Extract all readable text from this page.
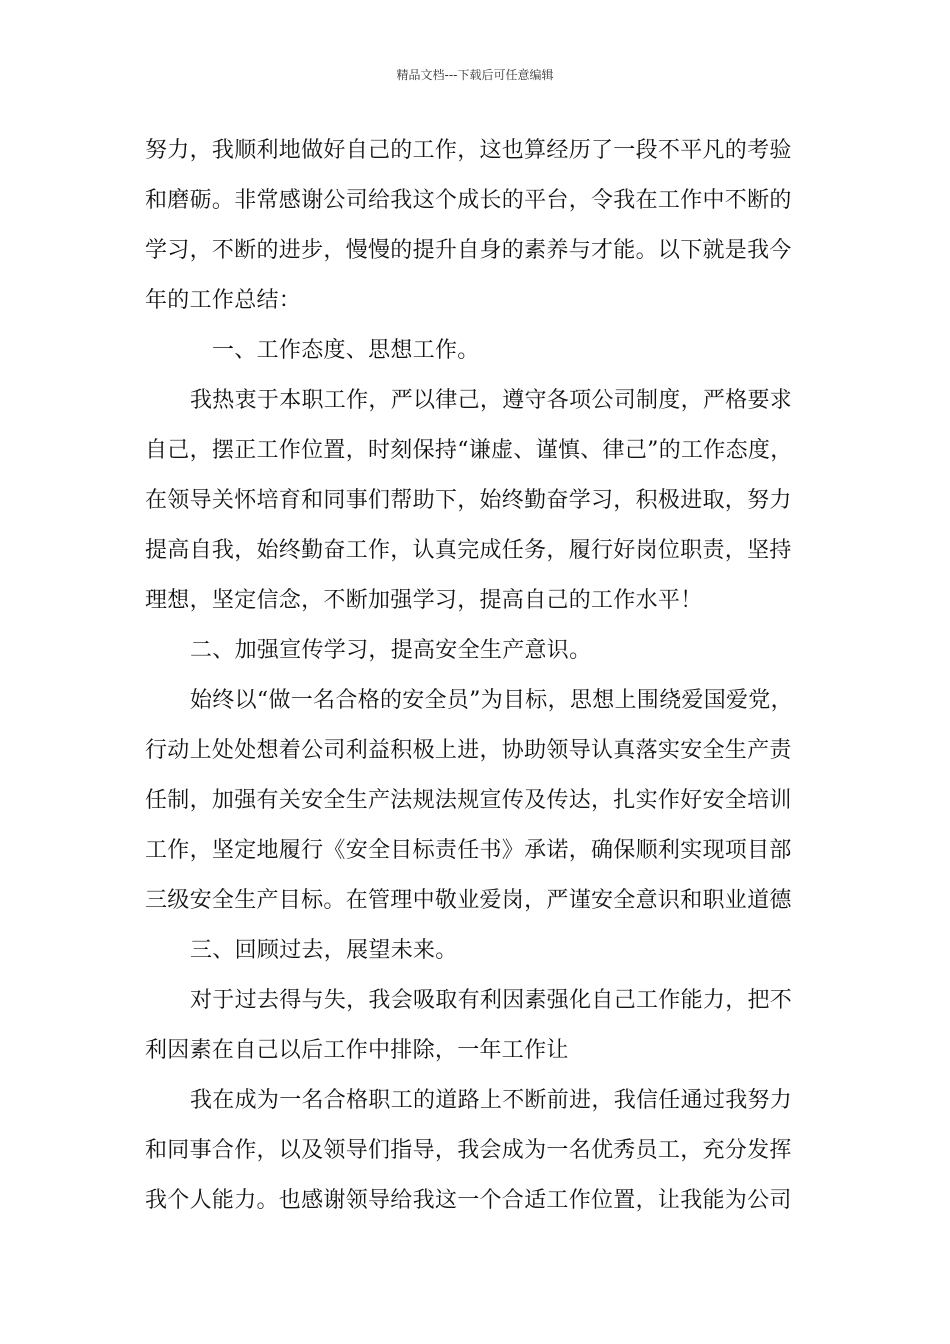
精品文档---下载后可任意编辑
努力，我顺利地做好自己的工作，这也算经历了一段不平凡的考验
和磨砺。非常感谢公司给我这个成长的平台，令我在工作中不断的
学习，不断的进步，慢慢的提升自身的素养与才能。以下就是我今
年的工作总结：
一、工作态度、思想工作。
我热衷于本职工作，严以律己，遵守各项公司制度，严格要求
自己，摆正工作位置，时刻保持“谦虚、谨慎、律己”的工作态度，
在领导关怀培育和同事们帮助下，始终勤奋学习，积极进取，努力
提高自我，始终勤奋工作，认真完成任务，履行好岗位职责，坚持
理想，坚定信念，不断加强学习，提高自己的工作水平！
二、加强宣传学习，提高安全生产意识。
始终以“做一名合格的安全员”为目标，思想上围绕爱国爱党，
行动上处处想着公司利益积极上进，协助领导认真落实安全生产责
任制，加强有关安全生产法规法规宣传及传达，扎实作好安全培训
工作，坚定地履行《安全目标责任书》承诺，确保顺利实现项目部
三级安全生产目标。在管理中敬业爱岗，严谨安全意识和职业道德
三、回顾过去，展望未来。
对于过去得与失，我会吸取有利因素强化自己工作能力，把不
利因素在自己以后工作中排除，一年工作让
我在成为一名合格职工的道路上不断前进，我信任通过我努力
和同事合作，以及领导们指导，我会成为一名优秀员工，充分发挥
我个人能力。也感谢领导给我这一个合适工作位置，让我能为公司
